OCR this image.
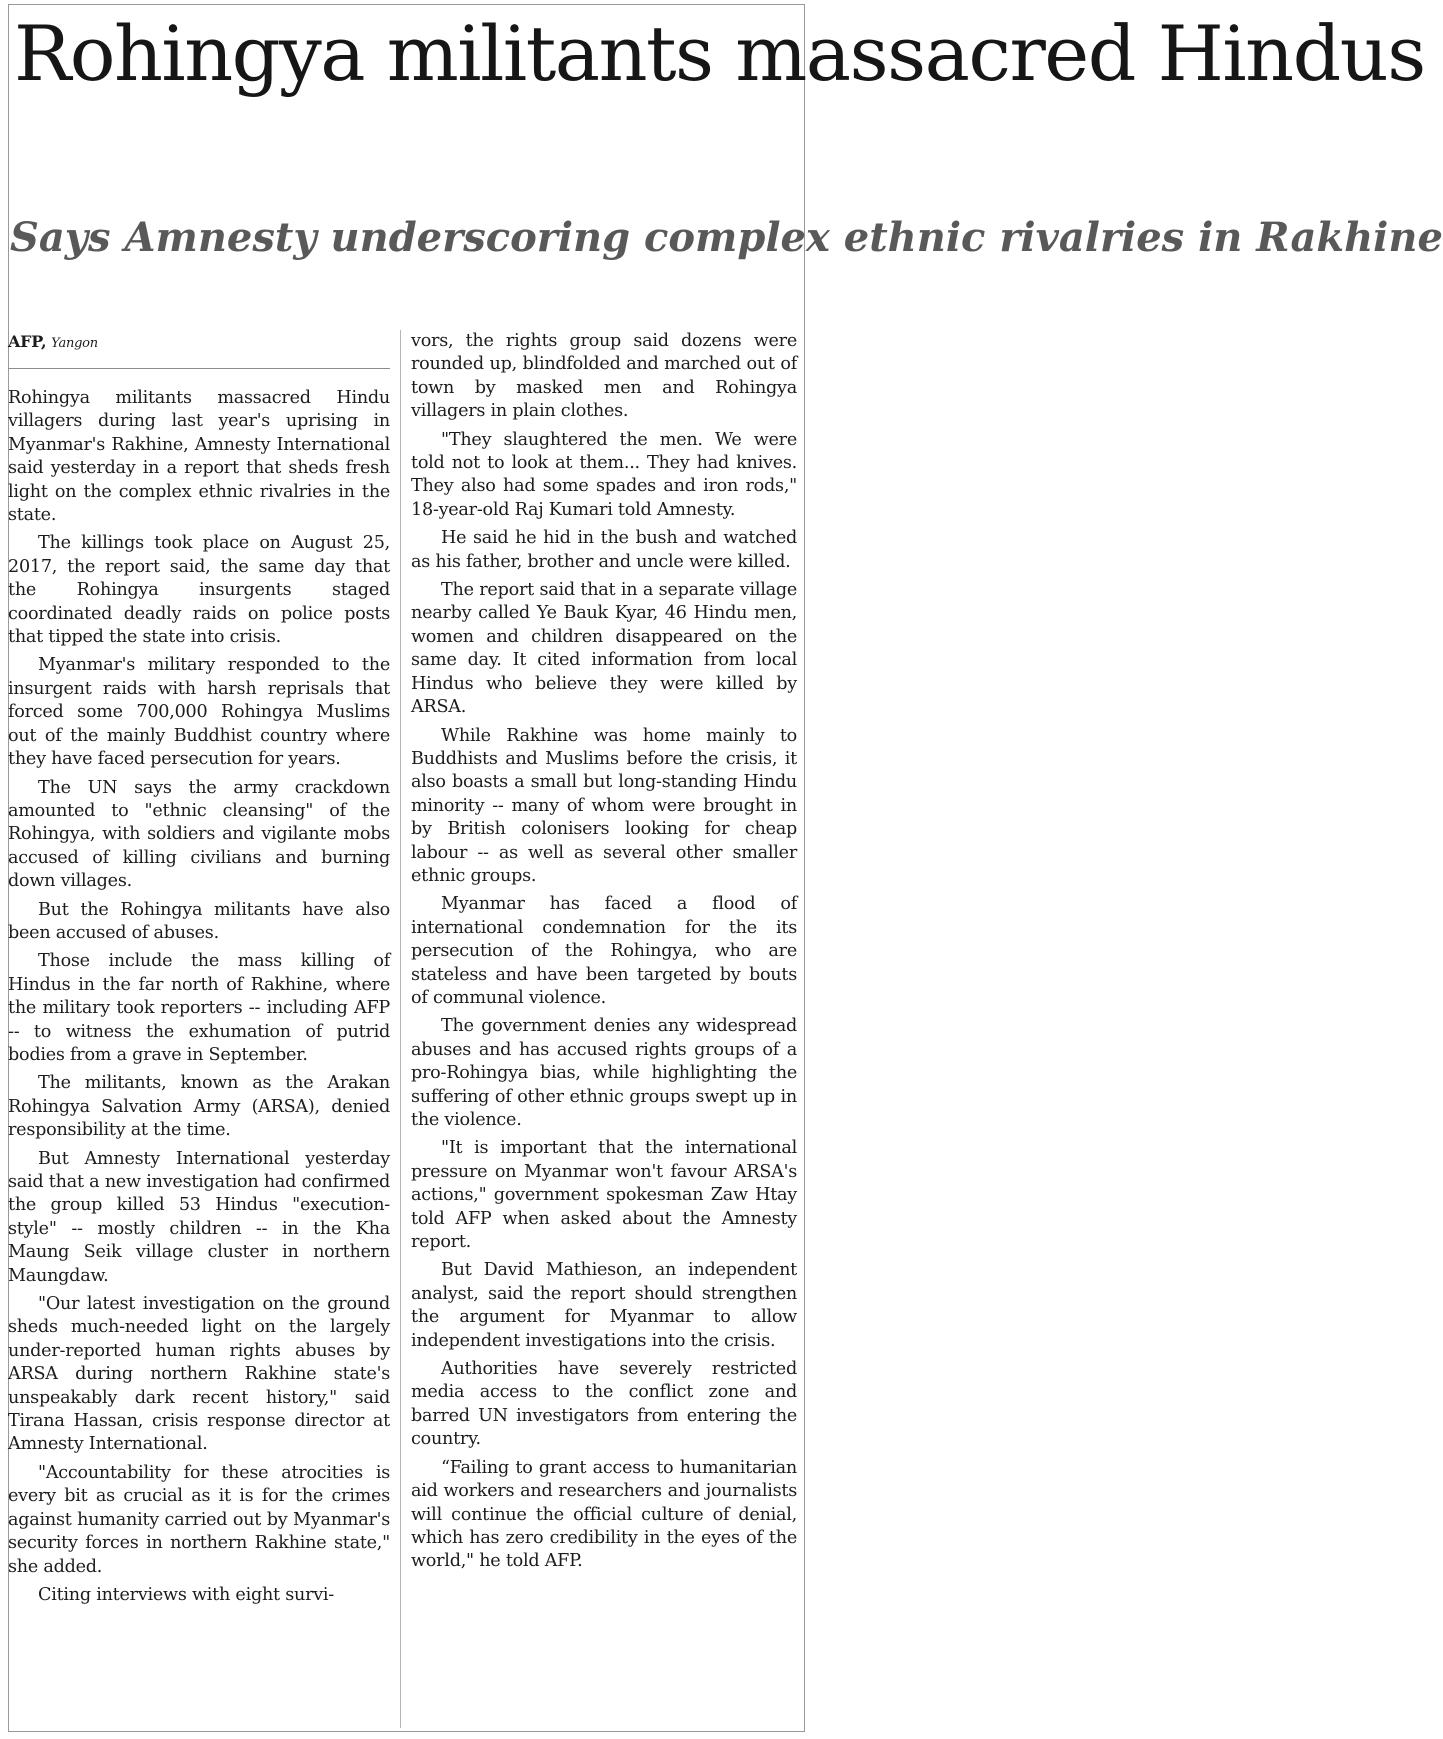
Rohingya militants massacred Hindus
Says Amnesty underscoring complex ethnic rivalries in Rakhine
AFP, Yangon

Rohingya militants massacred Hindu villagers during last year's uprising in Myanmar's Rakhine, Amnesty International said yesterday in a report that sheds fresh light on the complex ethnic rivalries in the state.

The killings took place on August 25, 2017, the report said, the same day that the Rohingya insurgents staged coordinated deadly raids on police posts that tipped the state into crisis.

Myanmar's military responded to the insurgent raids with harsh reprisals that forced some 700,000 Rohingya Muslims out of the mainly Buddhist country where they have faced persecution for years.

The UN says the army crackdown amounted to "ethnic cleansing" of the Rohingya, with soldiers and vigilante mobs accused of killing civilians and burning down villages.

But the Rohingya militants have also been accused of abuses.

Those include the mass killing of Hindus in the far north of Rakhine, where the military took reporters -- including AFP -- to witness the exhumation of putrid bodies from a grave in September.

The militants, known as the Arakan Rohingya Salvation Army (ARSA), denied responsibility at the time.

But Amnesty International yesterday said that a new investigation had confirmed the group killed 53 Hindus "execution-style" -- mostly children -- in the Kha Maung Seik village cluster in northern Maungdaw.

"Our latest investigation on the ground sheds much-needed light on the largely under-reported human rights abuses by ARSA during northern Rakhine state's unspeakably dark recent history," said Tirana Hassan, crisis response director at Amnesty International.

"Accountability for these atrocities is every bit as crucial as it is for the crimes against humanity carried out by Myanmar's security forces in northern Rakhine state," she added.

Citing interviews with eight survi-

vors, the rights group said dozens were rounded up, blindfolded and marched out of town by masked men and Rohingya villagers in plain clothes.

"They slaughtered the men. We were told not to look at them... They had knives. They also had some spades and iron rods," 18-year-old Raj Kumari told Amnesty.

He said he hid in the bush and watched as his father, brother and uncle were killed.

The report said that in a separate village nearby called Ye Bauk Kyar, 46 Hindu men, women and children disappeared on the same day. It cited information from local Hindus who believe they were killed by ARSA.

While Rakhine was home mainly to Buddhists and Muslims before the crisis, it also boasts a small but long-standing Hindu minority -- many of whom were brought in by British colonisers looking for cheap labour -- as well as several other smaller ethnic groups.

Myanmar has faced a flood of international condemnation for the its persecution of the Rohingya, who are stateless and have been targeted by bouts of communal violence.

The government denies any widespread abuses and has accused rights groups of a pro-Rohingya bias, while highlighting the suffering of other ethnic groups swept up in the violence.

"It is important that the international pressure on Myanmar won't favour ARSA's actions," government spokesman Zaw Htay told AFP when asked about the Amnesty report.

But David Mathieson, an independent analyst, said the report should strengthen the argument for Myanmar to allow independent investigations into the crisis.

Authorities have severely restricted media access to the conflict zone and barred UN investigators from entering the country.

“Failing to grant access to humanitarian aid workers and researchers and journalists will continue the official culture of denial, which has zero credibility in the eyes of the world," he told AFP.
